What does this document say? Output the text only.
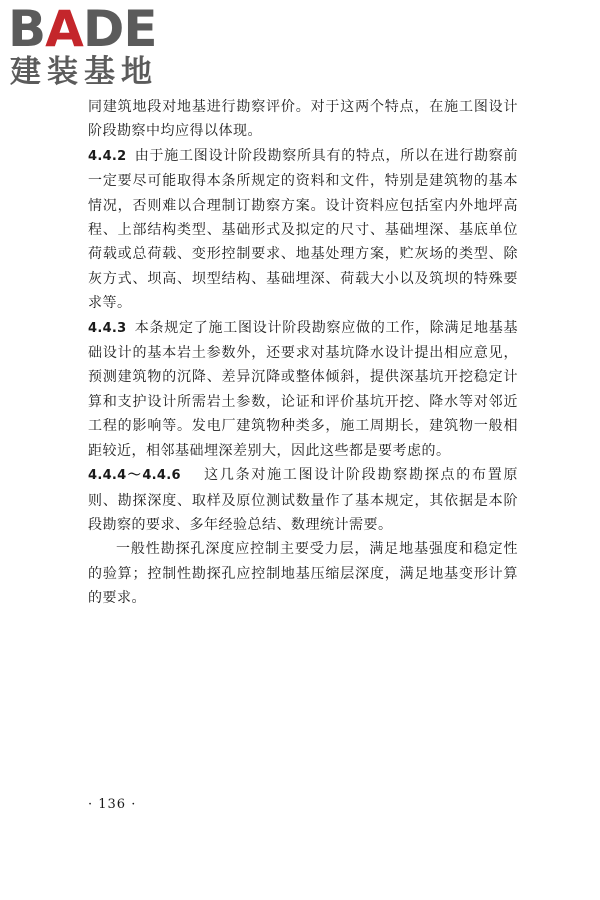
BADE
建装基地

同建筑地段对地基进行勘察评价。对于这两个特点，在施工图设计阶段勘察中均应得以体现。

4.4.2 由于施工图设计阶段勘察所具有的特点，所以在进行勘察前一定要尽可能取得本条所规定的资料和文件，特别是建筑物的基本情况，否则难以合理制订勘察方案。设计资料应包括室内外地坪高程、上部结构类型、基础形式及拟定的尺寸、基础埋深、基底单位荷载或总荷载、变形控制要求、地基处理方案，贮灰场的类型、除灰方式、坝高、坝型结构、基础埋深、荷载大小以及筑坝的特殊要求等。

4.4.3 本条规定了施工图设计阶段勘察应做的工作，除满足地基基础设计的基本岩土参数外，还要求对基坑降水设计提出相应意见，预测建筑物的沉降、差异沉降或整体倾斜，提供深基坑开挖稳定计算和支护设计所需岩土参数，论证和评价基坑开挖、降水等对邻近工程的影响等。发电厂建筑物种类多，施工周期长，建筑物一般相距较近，相邻基础埋深差别大，因此这些都是要考虑的。

4.4.4～4.4.6 这几条对施工图设计阶段勘察勘探点的布置原则、勘探深度、取样及原位测试数量作了基本规定，其依据是本阶段勘察的要求、多年经验总结、数理统计需要。

一般性勘探孔深度应控制主要受力层，满足地基强度和稳定性的验算；控制性勘探孔应控制地基压缩层深度，满足地基变形计算的要求。

· 136 ·
